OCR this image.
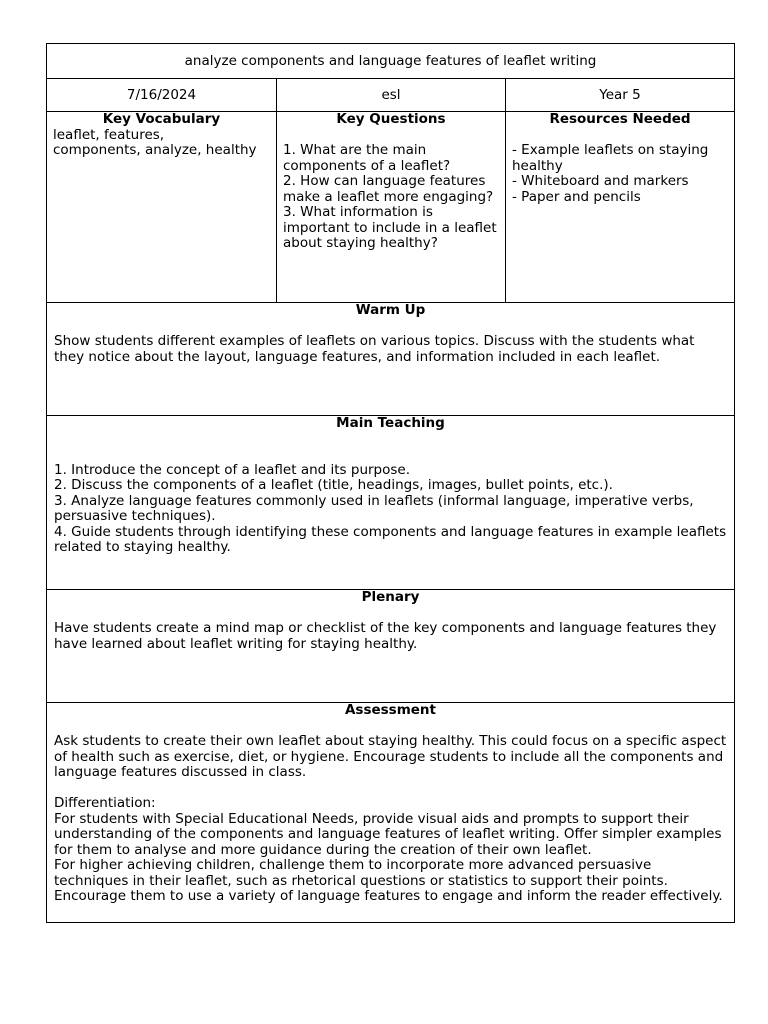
analyze components and language features of leaflet writing
7/16/2024	esl	Year 5
Key Vocabulary
leaflet, features,
components, analyze, healthy
Key Questions
1. What are the main components of a leaflet?
2. How can language features make a leaflet more engaging?
3. What information is important to include in a leaflet about staying healthy?
Resources Needed
- Example leaflets on staying healthy
- Whiteboard and markers
- Paper and pencils
Warm Up
Show students different examples of leaflets on various topics. Discuss with the students what they notice about the layout, language features, and information included in each leaflet.
Main Teaching
1. Introduce the concept of a leaflet and its purpose.
2. Discuss the components of a leaflet (title, headings, images, bullet points, etc.).
3. Analyze language features commonly used in leaflets (informal language, imperative verbs, persuasive techniques).
4. Guide students through identifying these components and language features in example leaflets related to staying healthy.
Plenary
Have students create a mind map or checklist of the key components and language features they have learned about leaflet writing for staying healthy.
Assessment
Ask students to create their own leaflet about staying healthy. This could focus on a specific aspect of health such as exercise, diet, or hygiene. Encourage students to include all the components and language features discussed in class.

Differentiation:
For students with Special Educational Needs, provide visual aids and prompts to support their understanding of the components and language features of leaflet writing. Offer simpler examples for them to analyse and more guidance during the creation of their own leaflet.
For higher achieving children, challenge them to incorporate more advanced persuasive techniques in their leaflet, such as rhetorical questions or statistics to support their points. Encourage them to use a variety of language features to engage and inform the reader effectively.
